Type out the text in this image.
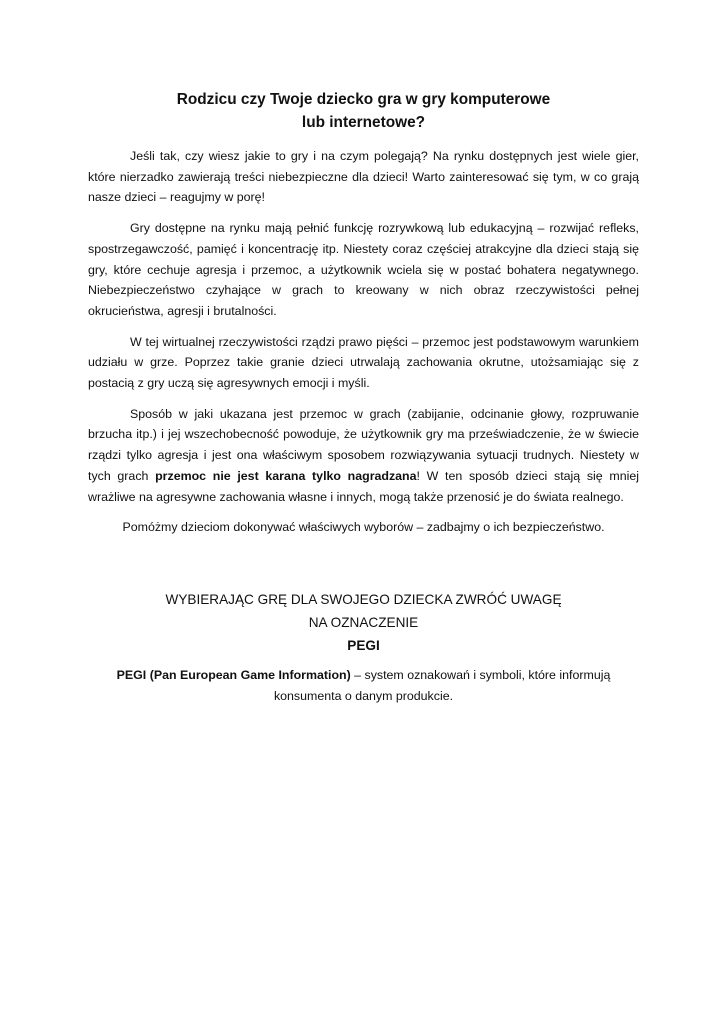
Rodzicu czy Twoje dziecko gra w gry komputerowe
lub internetowe?

Jeśli tak, czy wiesz jakie to gry i na czym polegają? Na rynku dostępnych jest wiele gier, które nierzadko zawierają treści niebezpieczne dla dzieci! Warto zainteresować się tym, w co grają nasze dzieci – reagujmy w porę!

Gry dostępne na rynku mają pełnić funkcję rozrywkową lub edukacyjną – rozwijać refleks, spostrzegawczość, pamięć i koncentrację itp. Niestety coraz częściej atrakcyjne dla dzieci stają się gry, które cechuje agresja i przemoc, a użytkownik wciela się w postać bohatera negatywnego. Niebezpieczeństwo czyhające w grach to kreowany w nich obraz rzeczywistości pełnej okrucieństwa, agresji i brutalności.

W tej wirtualnej rzeczywistości rządzi prawo pięści – przemoc jest podstawowym warunkiem udziału w grze. Poprzez takie granie dzieci utrwalają zachowania okrutne, utożsamiając się z postacią z gry uczą się agresywnych emocji i myśli.

Sposób w jaki ukazana jest przemoc w grach (zabijanie, odcinanie głowy, rozpruwanie brzucha itp.) i jej wszechobecność powoduje, że użytkownik gry ma przeświadczenie, że w świecie rządzi tylko agresja i jest ona właściwym sposobem rozwiązywania sytuacji trudnych. Niestety w tych grach przemoc nie jest karana tylko nagradzana! W ten sposób dzieci stają się mniej wrażliwe na agresywne zachowania własne i innych, mogą także przenosić je do świata realnego.

Pomóżmy dzieciom dokonywać właściwych wyborów – zadbajmy o ich bezpieczeństwo.

WYBIERAJĄC GRĘ DLA SWOJEGO DZIECKA ZWRÓĆ UWAGĘ
NA OZNACZENIE
PEGI

PEGI (Pan European Game Information) – system oznakowań i symboli, które informują konsumenta o danym produkcie.
